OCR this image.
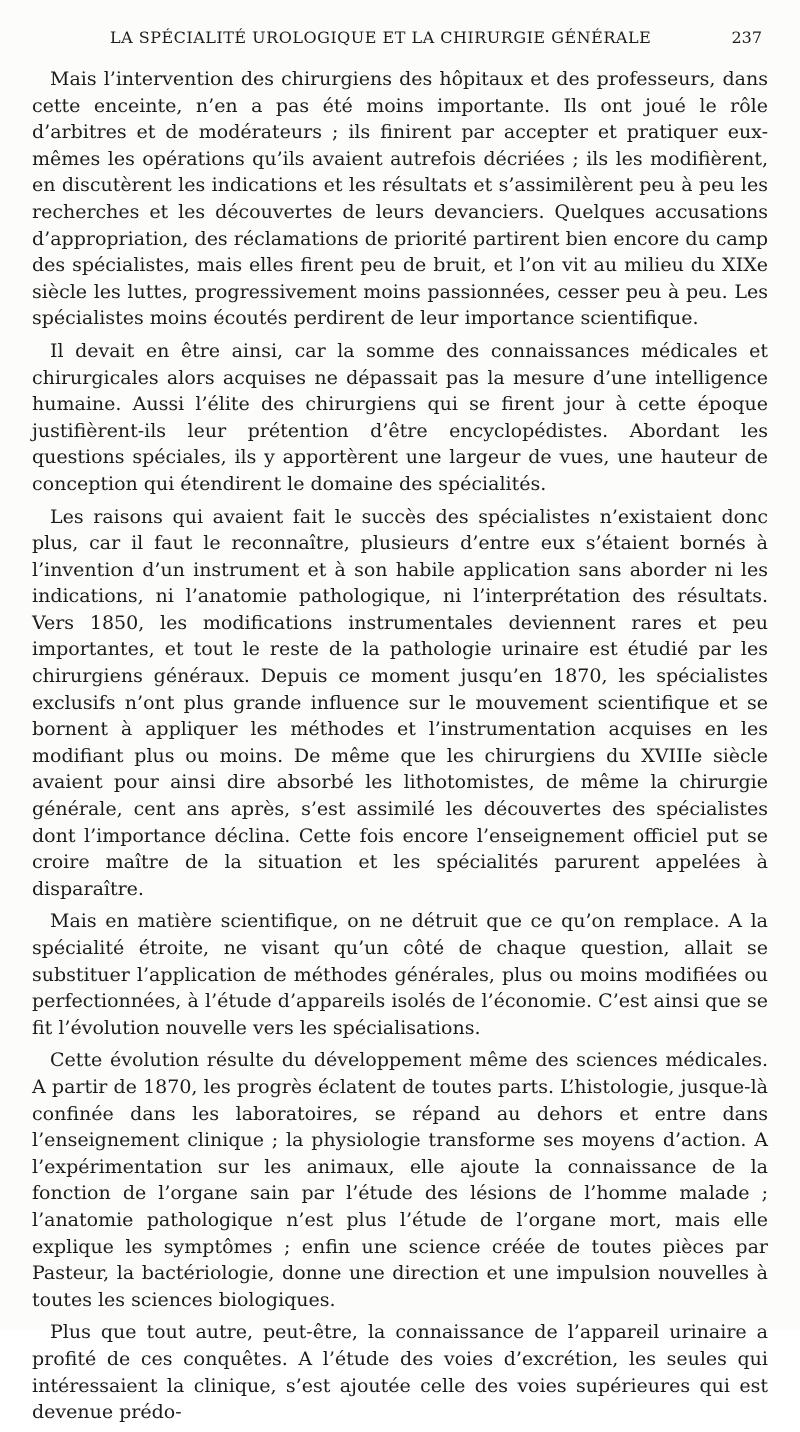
LA SPÉCIALITÉ UROLOGIQUE ET LA CHIRURGIE GÉNÉRALE	237

Mais l’intervention des chirurgiens des hôpitaux et des professeurs, dans cette enceinte, n’en a pas été moins importante. Ils ont joué le rôle d’arbitres et de modérateurs ; ils finirent par accepter et pratiquer eux-mêmes les opérations qu’ils avaient autrefois décriées ; ils les modifièrent, en discutèrent les indications et les résultats et s’assimilèrent peu à peu les recherches et les découvertes de leurs devanciers. Quelques accusations d’appropriation, des réclamations de priorité partirent bien encore du camp des spécialistes, mais elles firent peu de bruit, et l’on vit au milieu du XIXe siècle les luttes, progressivement moins passionnées, cesser peu à peu. Les spécialistes moins écoutés perdirent de leur importance scientifique.

Il devait en être ainsi, car la somme des connaissances médicales et chirurgicales alors acquises ne dépassait pas la mesure d’une intelligence humaine. Aussi l’élite des chirurgiens qui se firent jour à cette époque justifièrent-ils leur prétention d’être encyclopédistes. Abordant les questions spéciales, ils y apportèrent une largeur de vues, une hauteur de conception qui étendirent le domaine des spécialités.

Les raisons qui avaient fait le succès des spécialistes n’existaient donc plus, car il faut le reconnaître, plusieurs d’entre eux s’étaient bornés à l’invention d’un instrument et à son habile application sans aborder ni les indications, ni l’anatomie pathologique, ni l’interprétation des résultats. Vers 1850, les modifications instrumentales deviennent rares et peu importantes, et tout le reste de la pathologie urinaire est étudié par les chirurgiens généraux. Depuis ce moment jusqu’en 1870, les spécialistes exclusifs n’ont plus grande influence sur le mouvement scientifique et se bornent à appliquer les méthodes et l’instrumentation acquises en les modifiant plus ou moins. De même que les chirurgiens du XVIIIe siècle avaient pour ainsi dire absorbé les lithotomistes, de même la chirurgie générale, cent ans après, s’est assimilé les découvertes des spécialistes dont l’importance déclina. Cette fois encore l’enseignement officiel put se croire maître de la situation et les spécialités parurent appelées à disparaître.

Mais en matière scientifique, on ne détruit que ce qu’on remplace. A la spécialité étroite, ne visant qu’un côté de chaque question, allait se substituer l’application de méthodes générales, plus ou moins modifiées ou perfectionnées, à l’étude d’appareils isolés de l’économie. C’est ainsi que se fit l’évolution nouvelle vers les spécialisations.

Cette évolution résulte du développement même des sciences médicales. A partir de 1870, les progrès éclatent de toutes parts. L’histologie, jusque-là confinée dans les laboratoires, se répand au dehors et entre dans l’enseignement clinique ; la physiologie transforme ses moyens d’action. A l’expérimentation sur les animaux, elle ajoute la connaissance de la fonction de l’organe sain par l’étude des lésions de l’homme malade ; l’anatomie pathologique n’est plus l’étude de l’organe mort, mais elle explique les symptômes ; enfin une science créée de toutes pièces par Pasteur, la bactériologie, donne une direction et une impulsion nouvelles à toutes les sciences biologiques.

Plus que tout autre, peut-être, la connaissance de l’appareil urinaire a profité de ces conquêtes. A l’étude des voies d’excrétion, les seules qui intéressaient la clinique, s’est ajoutée celle des voies supérieures qui est devenue prédo-
